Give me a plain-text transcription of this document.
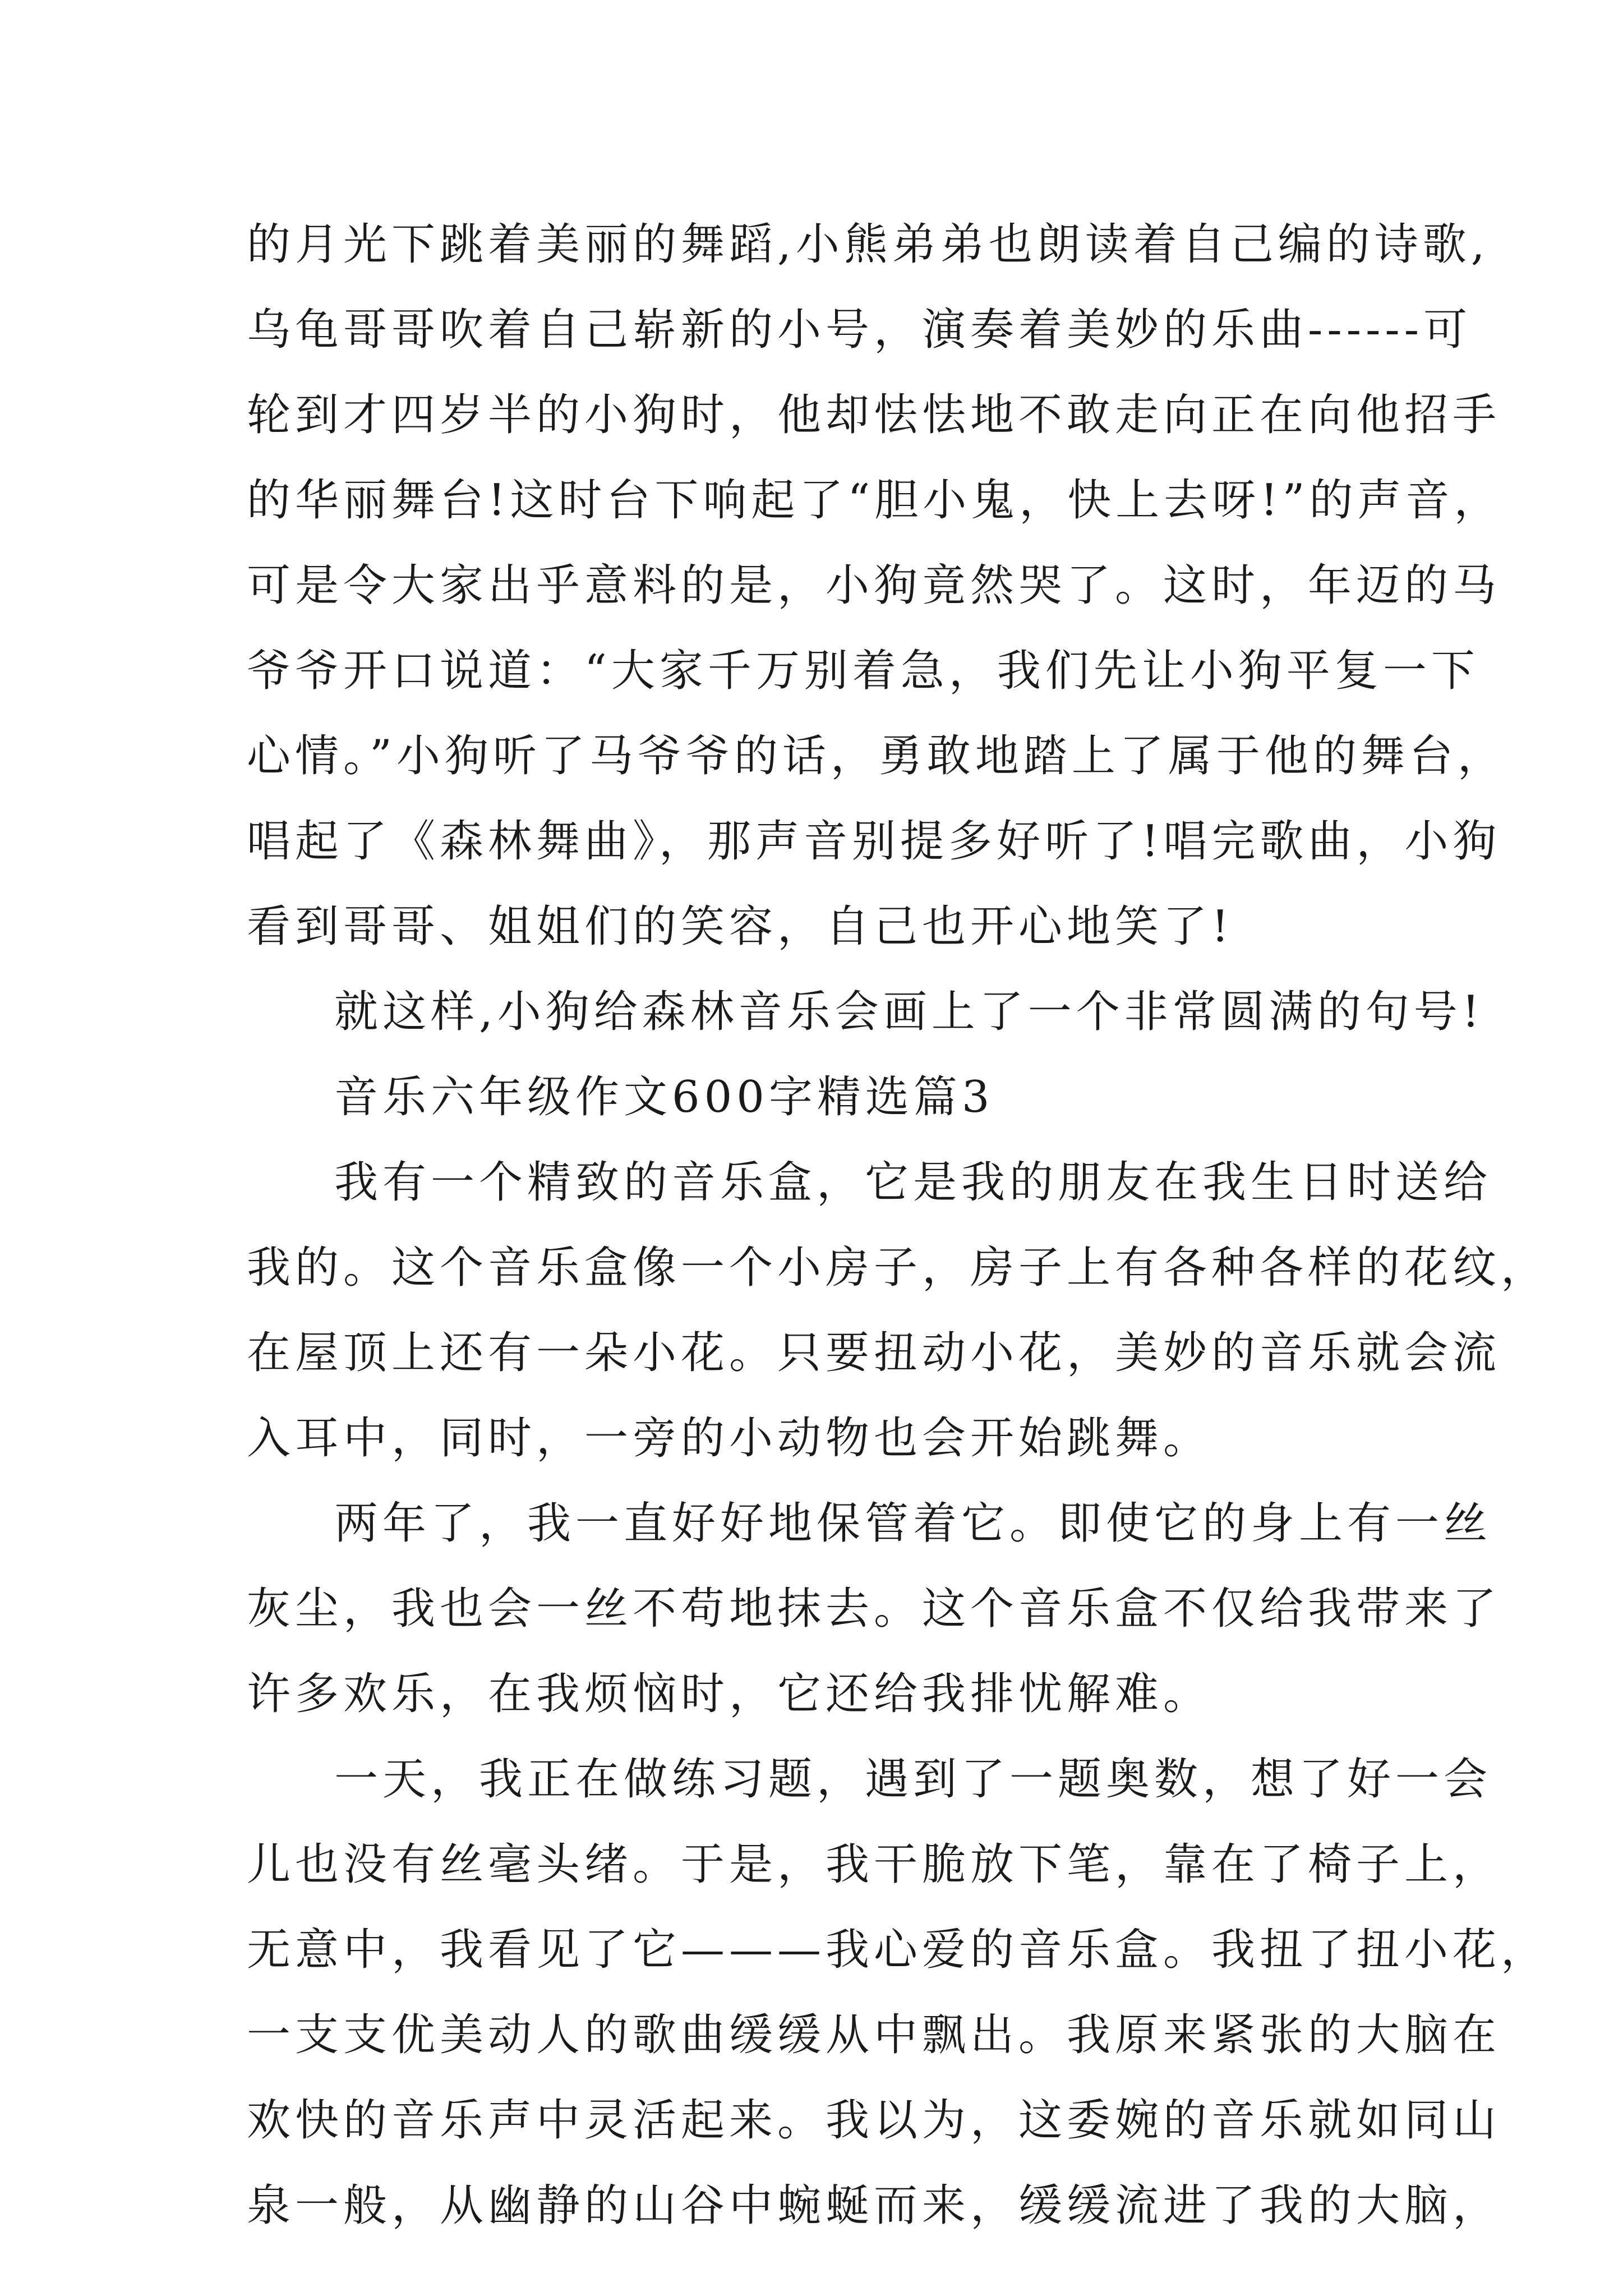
的月光下跳着美丽的舞蹈,小熊弟弟也朗读着自己编的诗歌,
乌龟哥哥吹着自己崭新的小号，演奏着美妙的乐曲------可
轮到才四岁半的小狗时，他却怯怯地不敢走向正在向他招手
的华丽舞台!这时台下响起了“胆小鬼，快上去呀!”的声音，
可是令大家出乎意料的是，小狗竟然哭了。这时，年迈的马
爷爷开口说道：“大家千万别着急，我们先让小狗平复一下
心情。”小狗听了马爷爷的话，勇敢地踏上了属于他的舞台，
唱起了《森林舞曲》，那声音别提多好听了!唱完歌曲，小狗
看到哥哥、姐姐们的笑容，自己也开心地笑了!
就这样,小狗给森林音乐会画上了一个非常圆满的句号!
音乐六年级作文600字精选篇3
我有一个精致的音乐盒，它是我的朋友在我生日时送给
我的。这个音乐盒像一个小房子，房子上有各种各样的花纹，
在屋顶上还有一朵小花。只要扭动小花，美妙的音乐就会流
入耳中，同时，一旁的小动物也会开始跳舞。
两年了，我一直好好地保管着它。即使它的身上有一丝
灰尘，我也会一丝不苟地抹去。这个音乐盒不仅给我带来了
许多欢乐，在我烦恼时，它还给我排忧解难。
一天，我正在做练习题，遇到了一题奥数，想了好一会
儿也没有丝毫头绪。于是，我干脆放下笔，靠在了椅子上，
无意中，我看见了它———我心爱的音乐盒。我扭了扭小花，
一支支优美动人的歌曲缓缓从中飘出。我原来紧张的大脑在
欢快的音乐声中灵活起来。我以为，这委婉的音乐就如同山
泉一般，从幽静的山谷中蜿蜒而来，缓缓流进了我的大脑，
